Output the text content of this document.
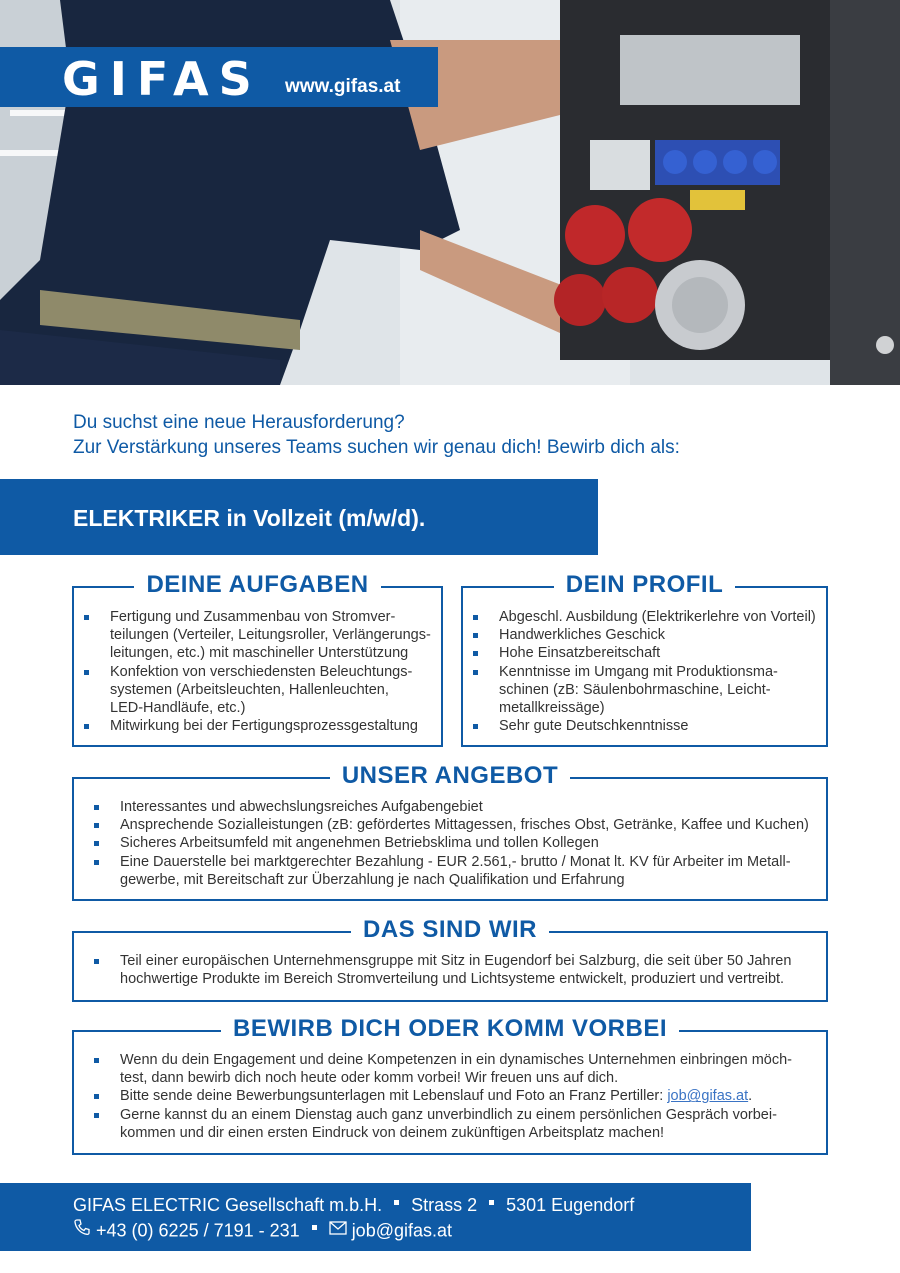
GIFAS www.gifas.at
Du suchst eine neue Herausforderung?
Zur Verstärkung unseres Teams suchen wir genau dich! Bewirb dich als:
ELEKTRIKER in Vollzeit (m/w/d).
DEINE AUFGABEN
Fertigung und Zusammenbau von Stromver-
teilungen (Verteiler, Leitungsroller, Verlängerungs-
leitungen, etc.) mit maschineller Unterstützung
Konfektion von verschiedensten Beleuchtungs-
systemen (Arbeitsleuchten, Hallenleuchten,
LED-Handläufe, etc.)
Mitwirkung bei der Fertigungsprozessgestaltung
DEIN PROFIL
Abgeschl. Ausbildung (Elektrikerlehre von Vorteil)
Handwerkliches Geschick
Hohe Einsatzbereitschaft
Kenntnisse im Umgang mit Produktionsma-
schinen (zB: Säulenbohrmaschine, Leicht-
metallkreissäge)
Sehr gute Deutschkenntnisse
UNSER ANGEBOT
Interessantes und abwechslungsreiches Aufgabengebiet
Ansprechende Sozialleistungen (zB: gefördertes Mittagessen, frisches Obst, Getränke, Kaffee und Kuchen)
Sicheres Arbeitsumfeld mit angenehmen Betriebsklima und tollen Kollegen
Eine Dauerstelle bei marktgerechter Bezahlung - EUR 2.561,- brutto / Monat lt. KV für Arbeiter im Metall-
gewerbe, mit Bereitschaft zur Überzahlung je nach Qualifikation und Erfahrung
DAS SIND WIR
Teil einer europäischen Unternehmensgruppe mit Sitz in Eugendorf bei Salzburg, die seit über 50 Jahren
hochwertige Produkte im Bereich Stromverteilung und Lichtsysteme entwickelt, produziert und vertreibt.
BEWIRB DICH ODER KOMM VORBEI
Wenn du dein Engagement und deine Kompetenzen in ein dynamisches Unternehmen einbringen möch-
test, dann bewirb dich noch heute oder komm vorbei! Wir freuen uns auf dich.
Bitte sende deine Bewerbungsunterlagen mit Lebenslauf und Foto an Franz Pertiller: job@gifas.at.
Gerne kannst du an einem Dienstag auch ganz unverbindlich zu einem persönlichen Gespräch vorbei-
kommen und dir einen ersten Eindruck von deinem zukünftigen Arbeitsplatz machen!
GIFAS ELECTRIC Gesellschaft m.b.H. Strass 2 5301 Eugendorf
+43 (0) 6225 / 7191 - 231	job@gifas.at
